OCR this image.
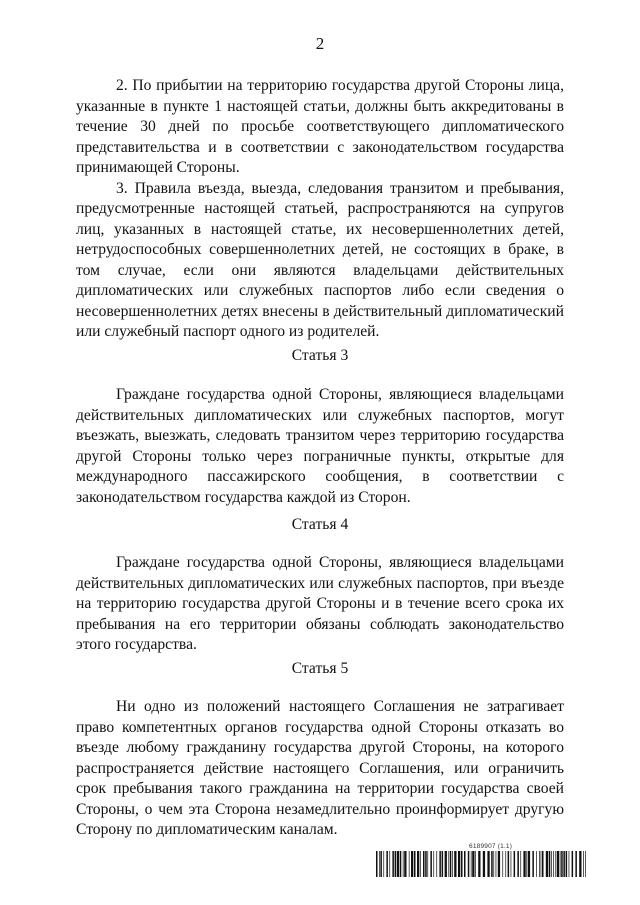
2

2. По прибытии на территорию государства другой Стороны лица, указанные в пункте 1 настоящей статьи, должны быть аккредитованы в течение 30 дней по просьбе соответствующего дипломатического представительства и в соответствии с законодательством государства принимающей Стороны.

3. Правила въезда, выезда, следования транзитом и пребывания, предусмотренные настоящей статьей, распространяются на супругов лиц, указанных в настоящей статье, их несовершеннолетних детей, нетрудоспособных совершеннолетних детей, не состоящих в браке, в том случае, если они являются владельцами действительных дипломатических или служебных паспортов либо если сведения о несовершеннолетних детях внесены в действительный дипломатический или служебный паспорт одного из родителей.

Статья 3

Граждане государства одной Стороны, являющиеся владельцами действительных дипломатических или служебных паспортов, могут въезжать, выезжать, следовать транзитом через территорию государства другой Стороны только через пограничные пункты, открытые для международного пассажирского сообщения, в соответствии с законодательством государства каждой из Сторон.

Статья 4

Граждане государства одной Стороны, являющиеся владельцами действительных дипломатических или служебных паспортов, при въезде на территорию государства другой Стороны и в течение всего срока их пребывания на его территории обязаны соблюдать законодательство этого государства.

Статья 5

Ни одно из положений настоящего Соглашения не затрагивает право компетентных органов государства одной Стороны отказать во въезде любому гражданину государства другой Стороны, на которого распространяется действие настоящего Соглашения, или ограничить срок пребывания такого гражданина на территории государства своей Стороны, о чем эта Сторона незамедлительно проинформирует другую Сторону по дипломатическим каналам.

6189907 (1.1)
